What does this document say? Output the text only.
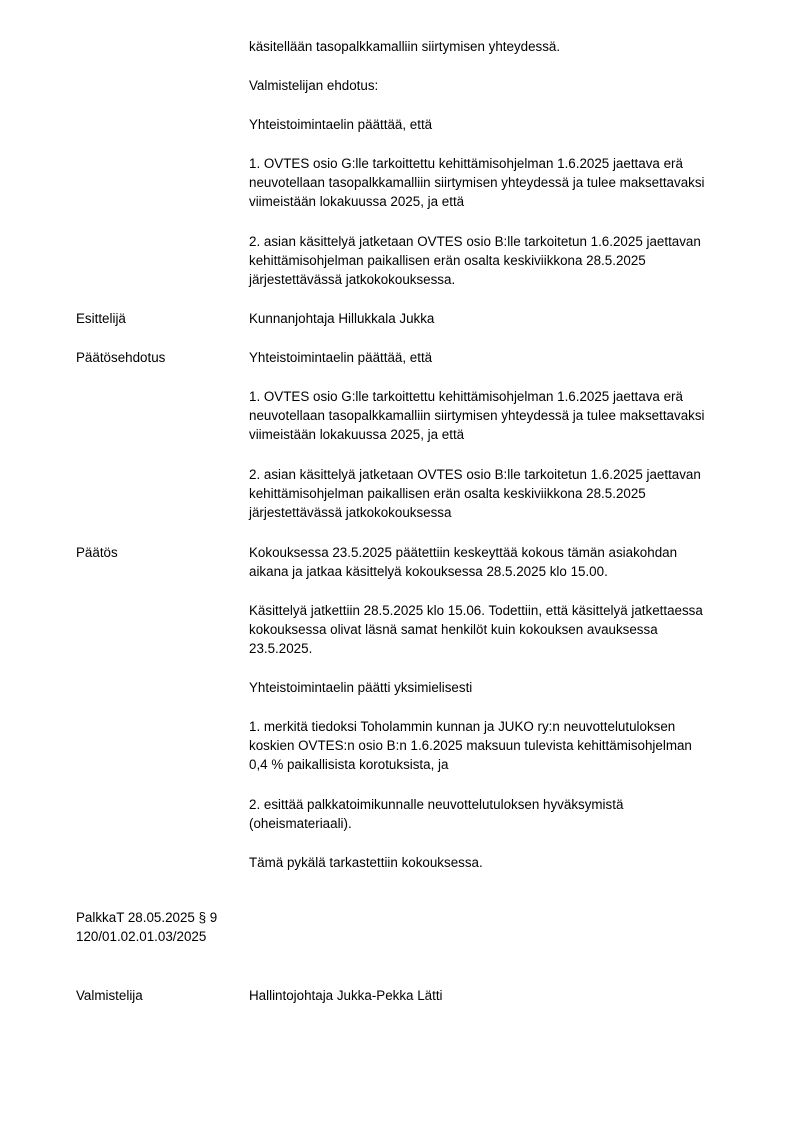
käsitellään tasopalkkamalliin siirtymisen yhteydessä.
Valmistelijan ehdotus:
Yhteistoimintaelin päättää, että
1. OVTES osio G:lle tarkoittettu kehittämisohjelman 1.6.2025 jaettava erä
neuvotellaan tasopalkkamalliin siirtymisen yhteydessä ja tulee maksettavaksi
viimeistään lokakuussa 2025, ja että
2. asian käsittelyä jatketaan OVTES osio B:lle tarkoitetun 1.6.2025 jaettavan
kehittämisohjelman paikallisen erän osalta keskiviikkona 28.5.2025
järjestettävässä jatkokokouksessa.
Esittelijä	Kunnanjohtaja Hillukkala Jukka
Päätösehdotus	Yhteistoimintaelin päättää, että
1. OVTES osio G:lle tarkoittettu kehittämisohjelman 1.6.2025 jaettava erä
neuvotellaan tasopalkkamalliin siirtymisen yhteydessä ja tulee maksettavaksi
viimeistään lokakuussa 2025, ja että
2. asian käsittelyä jatketaan OVTES osio B:lle tarkoitetun 1.6.2025 jaettavan
kehittämisohjelman paikallisen erän osalta keskiviikkona 28.5.2025
järjestettävässä jatkokokouksessa
Päätös	Kokouksessa 23.5.2025 päätettiin keskeyttää kokous tämän asiakohdan
aikana ja jatkaa käsittelyä kokouksessa 28.5.2025 klo 15.00.
Käsittelyä jatkettiin 28.5.2025 klo 15.06. Todettiin, että käsittelyä jatkettaessa
kokouksessa olivat läsnä samat henkilöt kuin kokouksen avauksessa
23.5.2025.
Yhteistoimintaelin päätti yksimielisesti
1. merkitä tiedoksi Toholammin kunnan ja JUKO ry:n neuvottelutuloksen
koskien OVTES:n osio B:n 1.6.2025 maksuun tulevista kehittämisohjelman
0,4 % paikallisista korotuksista, ja
2. esittää palkkatoimikunnalle neuvottelutuloksen hyväksymistä
(oheismateriaali).
Tämä pykälä tarkastettiin kokouksessa.
PalkkaT 28.05.2025 § 9
120/01.02.01.03/2025
Valmistelija	Hallintojohtaja Jukka-Pekka Lätti
